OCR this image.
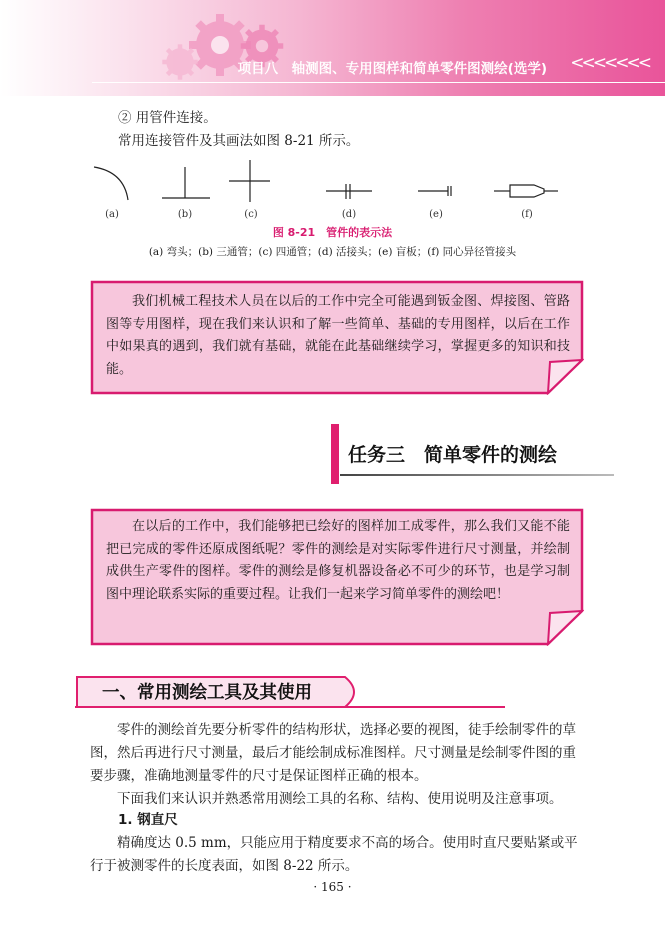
项目八　轴测图、专用图样和简单零件图测绘(选学) <<<<<<<
② 用管件连接。
常用连接管件及其画法如图 8-21 所示。
(a)	(b)	(c)	(d)	(e)	(f)
图 8-21　管件的表示法
(a) 弯头；(b) 三通管；(c) 四通管；(d) 活接头；(e) 盲板；(f) 同心异径管接头
我们机械工程技术人员在以后的工作中完全可能遇到钣金图、焊接图、管路图等专用图样，现在我们来认识和了解一些简单、基础的专用图样，以后在工作中如果真的遇到，我们就有基础，就能在此基础继续学习，掌握更多的知识和技能。
任务三　简单零件的测绘
在以后的工作中，我们能够把已绘好的图样加工成零件，那么我们又能不能把已完成的零件还原成图纸呢？零件的测绘是对实际零件进行尺寸测量，并绘制成供生产零件的图样。零件的测绘是修复机器设备必不可少的环节，也是学习制图中理论联系实际的重要过程。让我们一起来学习简单零件的测绘吧！
一、常用测绘工具及其使用
零件的测绘首先要分析零件的结构形状，选择必要的视图，徒手绘制零件的草图，然后再进行尺寸测量，最后才能绘制成标准图样。尺寸测量是绘制零件图的重要步骤，准确地测量零件的尺寸是保证图样正确的根本。
下面我们来认识并熟悉常用测绘工具的名称、结构、使用说明及注意事项。
1. 钢直尺
精确度达 0.5 mm，只能应用于精度要求不高的场合。使用时直尺要贴紧或平行于被测零件的长度表面，如图 8-22 所示。
· 165 ·
